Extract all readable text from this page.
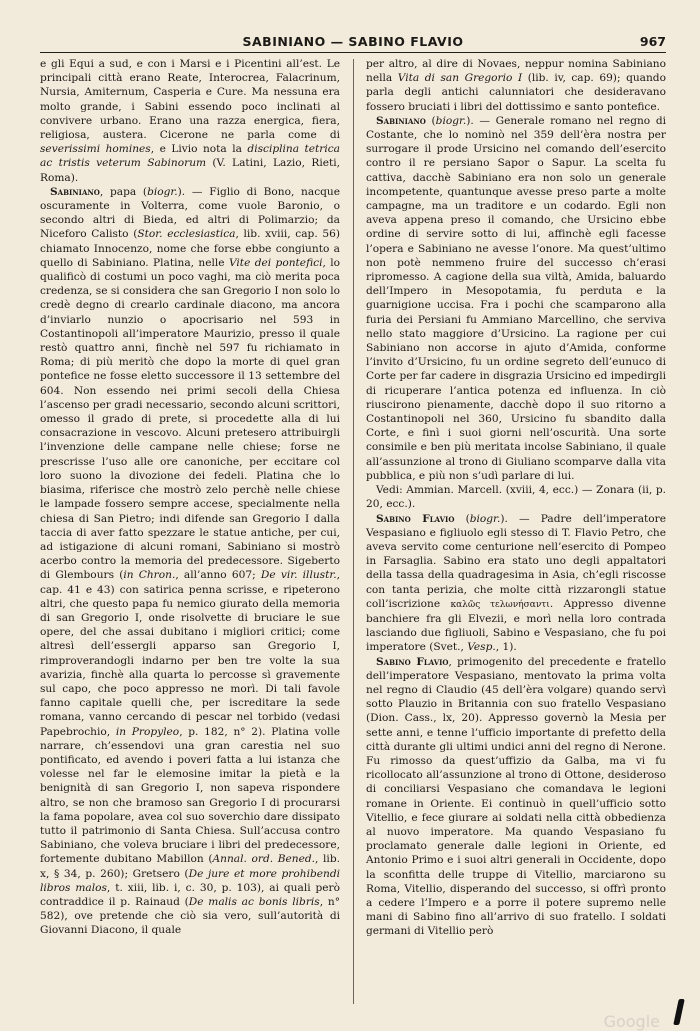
SABINIANO — SABINO FLAVIO	967

e gli Equi a sud, e con i Marsi e i Picentini all’est. Le principali città erano Reate, Interocrea, Falacrinum, Nursia, Amiternum, Casperia e Cure. Ma nessuna era molto grande, i Sabini essendo poco inclinati al convivere urbano. Erano una razza energica, fiera, religiosa, austera. Cicerone ne parla come di severissimi homines, e Livio nota la disciplina tetrica ac tristis veterum Sabinorum (V. Latini, Lazio, Rieti, Roma).

Sabiniano, papa (biogr.). — Figlio di Bono, nacque oscuramente in Volterra, come vuole Baronio, o secondo altri di Bieda, ed altri di Polimarzio; da Niceforo Calisto (Stor. ecclesiastica, lib. xviii, cap. 56) chiamato Innocenzo, nome che forse ebbe congiunto a quello di Sabiniano. Platina, nelle Vite dei pontefici, lo qualificò di costumi un poco vaghi, ma ciò merita poca credenza, se si considera che san Gregorio I non solo lo credè degno di crearlo cardinale diacono, ma ancora d’inviarlo nunzio o apocrisario nel 593 in Costantinopoli all’imperatore Maurizio, presso il quale restò quattro anni, finchè nel 597 fu richiamato in Roma; di più meritò che dopo la morte di quel gran pontefice ne fosse eletto successore il 13 settembre del 604. Non essendo nei primi secoli della Chiesa l’ascenso per gradi necessario, secondo alcuni scrittori, omesso il grado di prete, si procedette alla di lui consacrazione in vescovo. Alcuni pretesero attribuirgli l’invenzione delle campane nelle chiese; forse ne prescrisse l’uso alle ore canoniche, per eccitare col loro suono la divozione dei fedeli. Platina che lo biasima, riferisce che mostrò zelo perchè nelle chiese le lampade fossero sempre accese, specialmente nella chiesa di San Pietro; indi difende san Gregorio I dalla taccia di aver fatto spezzare le statue antiche, per cui, ad istigazione di alcuni romani, Sabiniano si mostrò acerbo contro la memoria del predecessore. Sigeberto di Glembours (in Chron., all’anno 607; De vir. illustr., cap. 41 e 43) con satirica penna scrisse, e ripeterono altri, che questo papa fu nemico giurato della memoria di san Gregorio I, onde risolvette di bruciare le sue opere, del che assai dubitano i migliori critici; come altresì dell’essergli apparso san Gregorio I, rimproverandogli indarno per ben tre volte la sua avarizia, finchè alla quarta lo percosse sì gravemente sul capo, che poco appresso ne morì. Di tali favole fanno capitale quelli che, per iscreditare la sede romana, vanno cercando di pescar nel torbido (vedasi Papebrochio, in Propyleo, p. 182, n° 2). Platina volle narrare, ch’essendovi una gran carestia nel suo pontificato, ed avendo i poveri fatta a lui istanza che volesse nel far le elemosine imitar la pietà e la benignità di san Gregorio I, non sapeva rispondere altro, se non che bramoso san Gregorio I di procurarsi la fama popolare, avea col suo soverchio dare dissipato tutto il patrimonio di Santa Chiesa. Sull’accusa contro Sabiniano, che voleva bruciare i libri del predecessore, fortemente dubitano Mabillon (Annal. ord. Bened., lib. x, § 34, p. 260); Gretsero (De jure et more prohibendi libros malos, t. xiii, lib. i, c. 30, p. 103), ai quali però contraddice il p. Rainaud (De malis ac bonis libris, n° 582), ove pretende che ciò sia vero, sull’autorità di Giovanni Diacono, il quale

per altro, al dire di Novaes, neppur nomina Sabiniano nella Vita di san Gregorio I (lib. iv, cap. 69); quando parla degli antichi calunniatori che desideravano fossero bruciati i libri del dottissimo e santo pontefice.

Sabiniano (biogr.). — Generale romano nel regno di Costante, che lo nominò nel 359 dell’èra nostra per surrogare il prode Ursicino nel comando dell’esercito contro il re persiano Sapor o Sapur. La scelta fu cattiva, dacchè Sabiniano era non solo un generale incompetente, quantunque avesse preso parte a molte campagne, ma un traditore e un codardo. Egli non aveva appena preso il comando, che Ursicino ebbe ordine di servire sotto di lui, affinchè egli facesse l’opera e Sabiniano ne avesse l’onore. Ma quest’ultimo non potè nemmeno fruire del successo ch’erasi ripromesso. A cagione della sua viltà, Amida, baluardo dell’Impero in Mesopotamia, fu perduta e la guarnigione uccisa. Fra i pochi che scamparono alla furia dei Persiani fu Ammiano Marcellino, che serviva nello stato maggiore d’Ursicino. La ragione per cui Sabiniano non accorse in ajuto d’Amida, conforme l’invito d’Ursicino, fu un ordine segreto dell’eunuco di Corte per far cadere in disgrazia Ursicino ed impedirgli di ricuperare l’antica potenza ed influenza. In ciò riuscirono pienamente, dacchè dopo il suo ritorno a Costantinopoli nel 360, Ursicino fu sbandito dalla Corte, e finì i suoi giorni nell’oscurità. Una sorte consimile e ben più meritata incolse Sabiniano, il quale all’assunzione al trono di Giuliano scomparve dalla vita pubblica, e più non s’udì parlare di lui.

Vedi: Ammian. Marcell. (xviii, 4, ecc.) — Zonara (ii, p. 20, ecc.).

Sabino Flavio (biogr.). — Padre dell’imperatore Vespasiano e figliuolo egli stesso di T. Flavio Petro, che aveva servito come centurione nell’esercito di Pompeo in Farsaglia. Sabino era stato uno degli appaltatori della tassa della quadragesima in Asia, ch’egli riscosse con tanta perizia, che molte città rizzarongli statue coll’iscrizione καλῶς τελωνήσαντι. Appresso divenne banchiere fra gli Elvezii, e morì nella loro contrada lasciando due figliuoli, Sabino e Vespasiano, che fu poi imperatore (Svet., Vesp., 1).

Sabino Flavio, primogenito del precedente e fratello dell’imperatore Vespasiano, mentovato la prima volta nel regno di Claudio (45 dell’èra volgare) quando servì sotto Plauzio in Britannia con suo fratello Vespasiano (Dion. Cass., lx, 20). Appresso governò la Mesia per sette anni, e tenne l’ufficio importante di prefetto della città durante gli ultimi undici anni del regno di Nerone. Fu rimosso da quest’uffizio da Galba, ma vi fu ricollocato all’assunzione al trono di Ottone, desideroso di conciliarsi Vespasiano che comandava le legioni romane in Oriente. Ei continuò in quell’ufficio sotto Vitellio, e fece giurare ai soldati nella città obbedienza al nuovo imperatore. Ma quando Vespasiano fu proclamato generale dalle legioni in Oriente, ed Antonio Primo e i suoi altri generali in Occidente, dopo la sconfitta delle truppe di Vitellio, marciarono su Roma, Vitellio, disperando del successo, si offrì pronto a cedere l’Impero e a porre il potere supremo nelle mani di Sabino fino all’arrivo di suo fratello. I soldati germani di Vitellio però

Google
